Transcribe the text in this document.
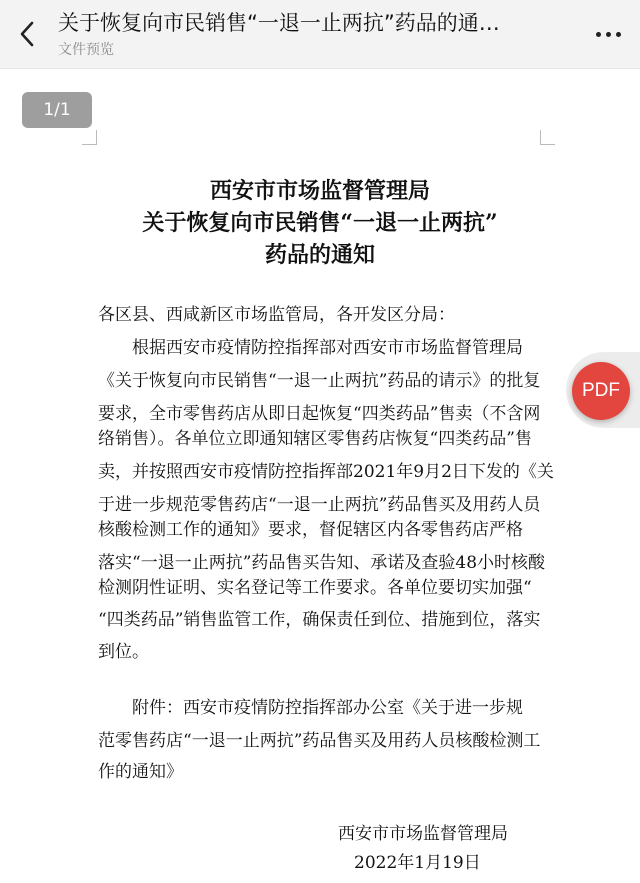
关于恢复向市民销售“一退一止两抗”药品的通…
文件预览
1/1
西安市市场监督管理局
关于恢复向市民销售“一退一止两抗”
药品的通知
各区县、西咸新区市场监管局，各开发区分局：
　　根据西安市疫情防控指挥部对西安市市场监督管理局
《关于恢复向市民销售“一退一止两抗”药品的请示》的批复
要求，全市零售药店从即日起恢复“四类药品”售卖（不含网
络销售）。各单位立即通知辖区零售药店恢复“四类药品”售
卖，并按照西安市疫情防控指挥部2021年9月2日下发的《关
于进一步规范零售药店“一退一止两抗”药品售买及用药人员
核酸检测工作的通知》要求，督促辖区内各零售药店严格
落实“一退一止两抗”药品售买告知、承诺及查验48小时核酸
检测阴性证明、实名登记等工作要求。各单位要切实加强“
“四类药品”销售监管工作，确保责任到位、措施到位，落实
到位。
　　附件：西安市疫情防控指挥部办公室《关于进一步规
范零售药店“一退一止两抗”药品售买及用药人员核酸检测工
作的通知》
西安市市场监督管理局
2022年1月19日
PDF
